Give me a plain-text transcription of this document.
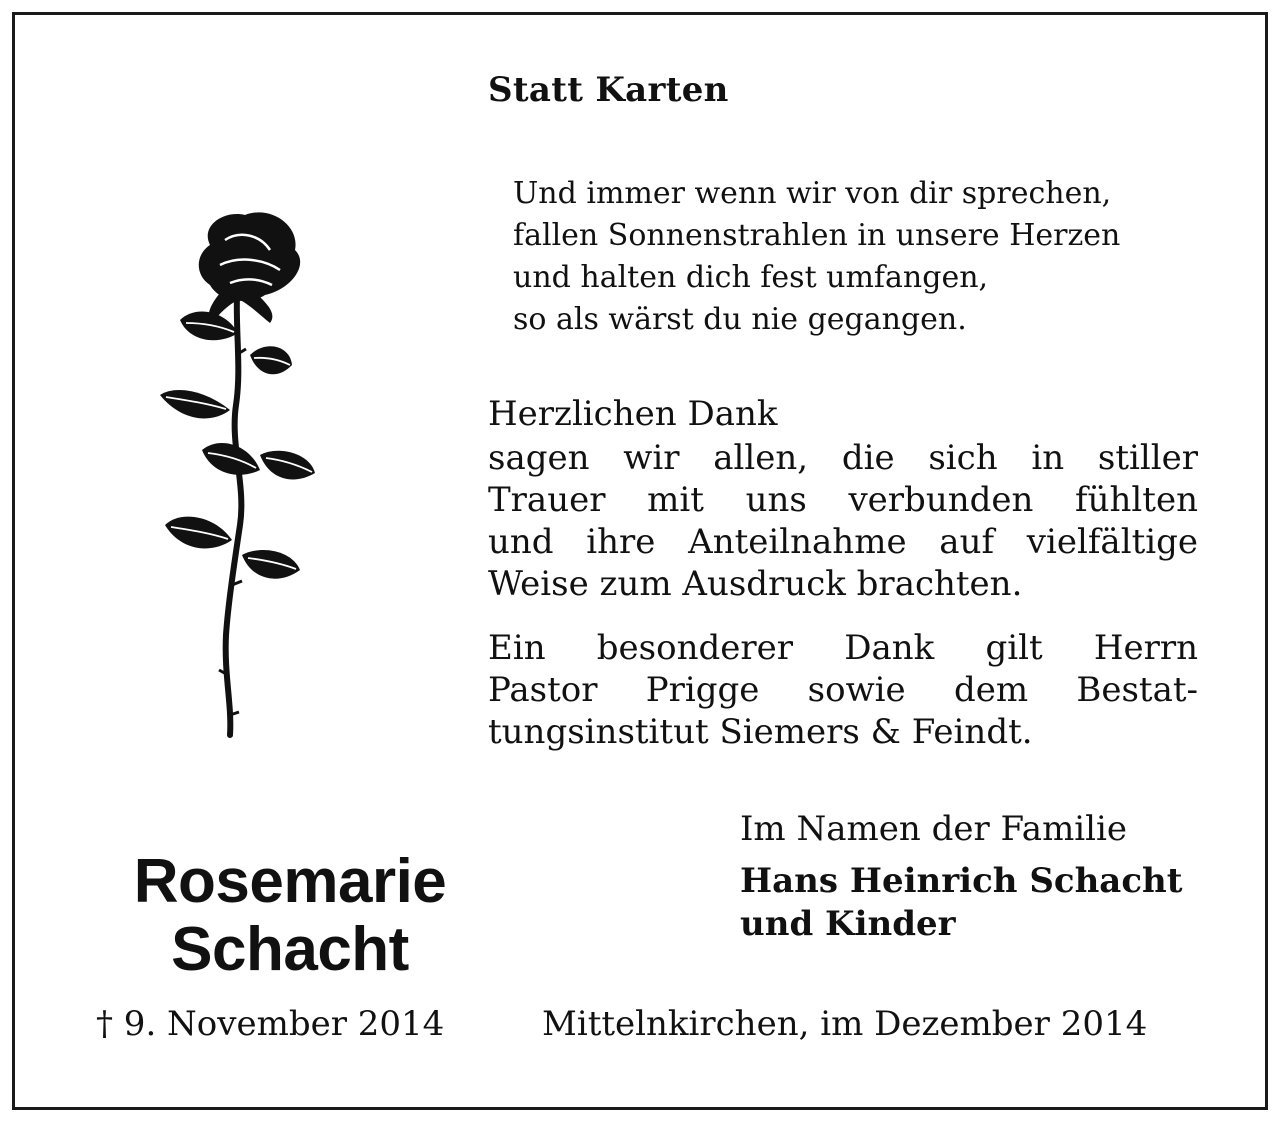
Statt Karten
Und immer wenn wir von dir sprechen,
fallen Sonnenstrahlen in unsere Herzen
und halten dich fest umfangen,
so als wärst du nie gegangen.
Herzlichen Dank
sagen wir allen, die sich in stiller
Trauer mit uns verbunden fühlten
und ihre Anteilnahme auf vielfältige
Weise zum Ausdruck brachten.
Ein besonderer Dank gilt Herrn
Pastor Prigge sowie dem Bestat-
tungsinstitut Siemers & Feindt.
Im Namen der Familie
Hans Heinrich Schacht
und Kinder
Rosemarie
Schacht
† 9. November 2014	Mittelnkirchen, im Dezember 2014
